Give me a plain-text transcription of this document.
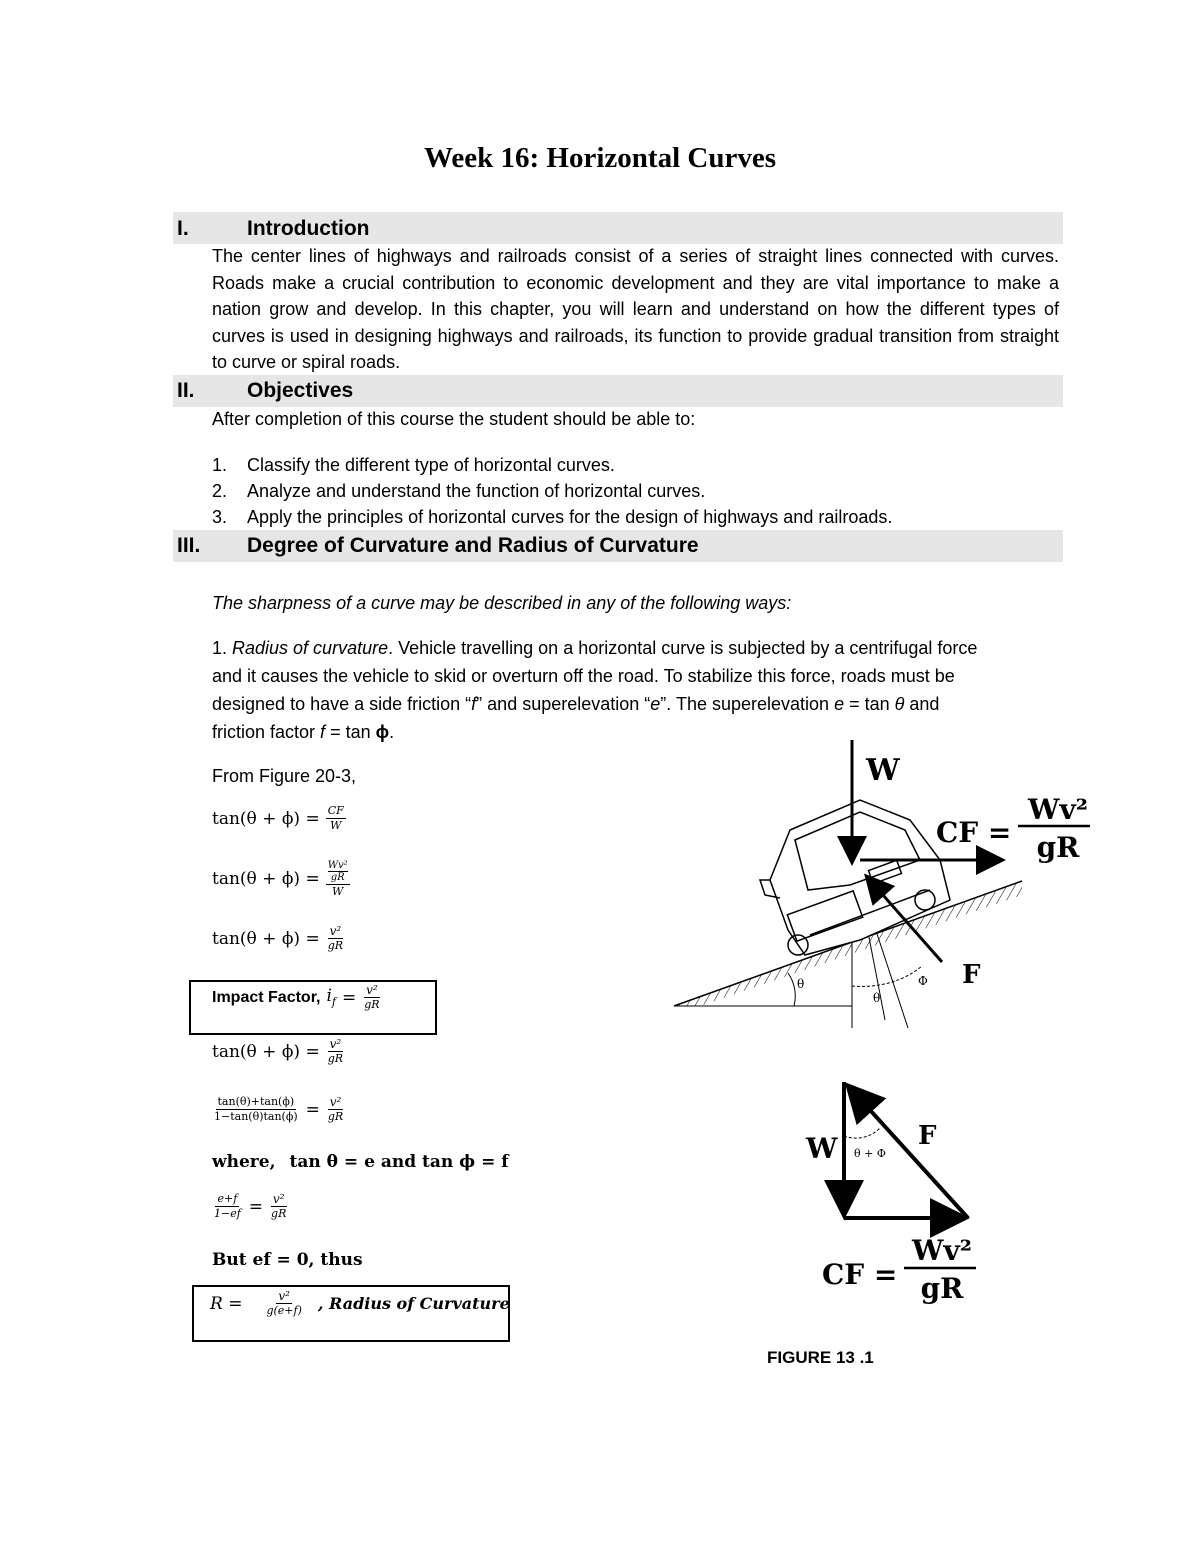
Week 16: Horizontal Curves
I.	Introduction

The center lines of highways and railroads consist of a series of straight lines connected with curves. Roads make a crucial contribution to economic development and they are vital importance to make a nation grow and develop. In this chapter, you will learn and understand on how the different types of curves is used in designing highways and railroads, its function to provide gradual transition from straight to curve or spiral roads.

II. Objectives
After completion of this course the student should be able to:
1. Classify the different type of horizontal curves.
2. Analyze and understand the function of horizontal curves.
3. Apply the principles of horizontal curves for the design of highways and railroads.
III. Degree of Curvature and Radius of Curvature
The sharpness of a curve may be described in any of the following ways:
1. Radius of curvature. Vehicle travelling on a horizontal curve is subjected by a centrifugal force
and it causes the vehicle to skid or overturn off the road. To stabilize this force, roads must be
designed to have a side friction “f” and superelevation “e”. The superelevation e = tan θ and
friction factor f = tan ϕ.
From Figure 20-3,
$\tan(\theta + \phi) = \frac{CF}{W}$
$\tan(\theta + \phi) = \frac{\frac{\text{Wv²}}{gR}}{W}$
$\tan(\theta + \phi) = \frac{\text{v²}}{gR}$
Impact Factor, $i_f = \frac{\text{v²}}{gR}$
$\tan(\theta + \phi) = \frac{\text{v²}}{gR}$
$\frac{\tan(\theta)+\tan(\phi)}{1-\tan(\theta)\tan(\phi)} = \frac{\text{v²}}{gR}$
where, tan θ = e and tan ϕ = f
$\frac{e+f}{1-ef} = \frac{\text{v²}}{gR}$
But ef = 0, thus
$R = \frac{\text{v²}}{g(e+f)}$ , Radius of Curvature
W
CF =
Wv²
gR
F
θ
θ
Φ
W	F
θ + Φ
CF =
Wv²
gR
FIGURE 13 .1
